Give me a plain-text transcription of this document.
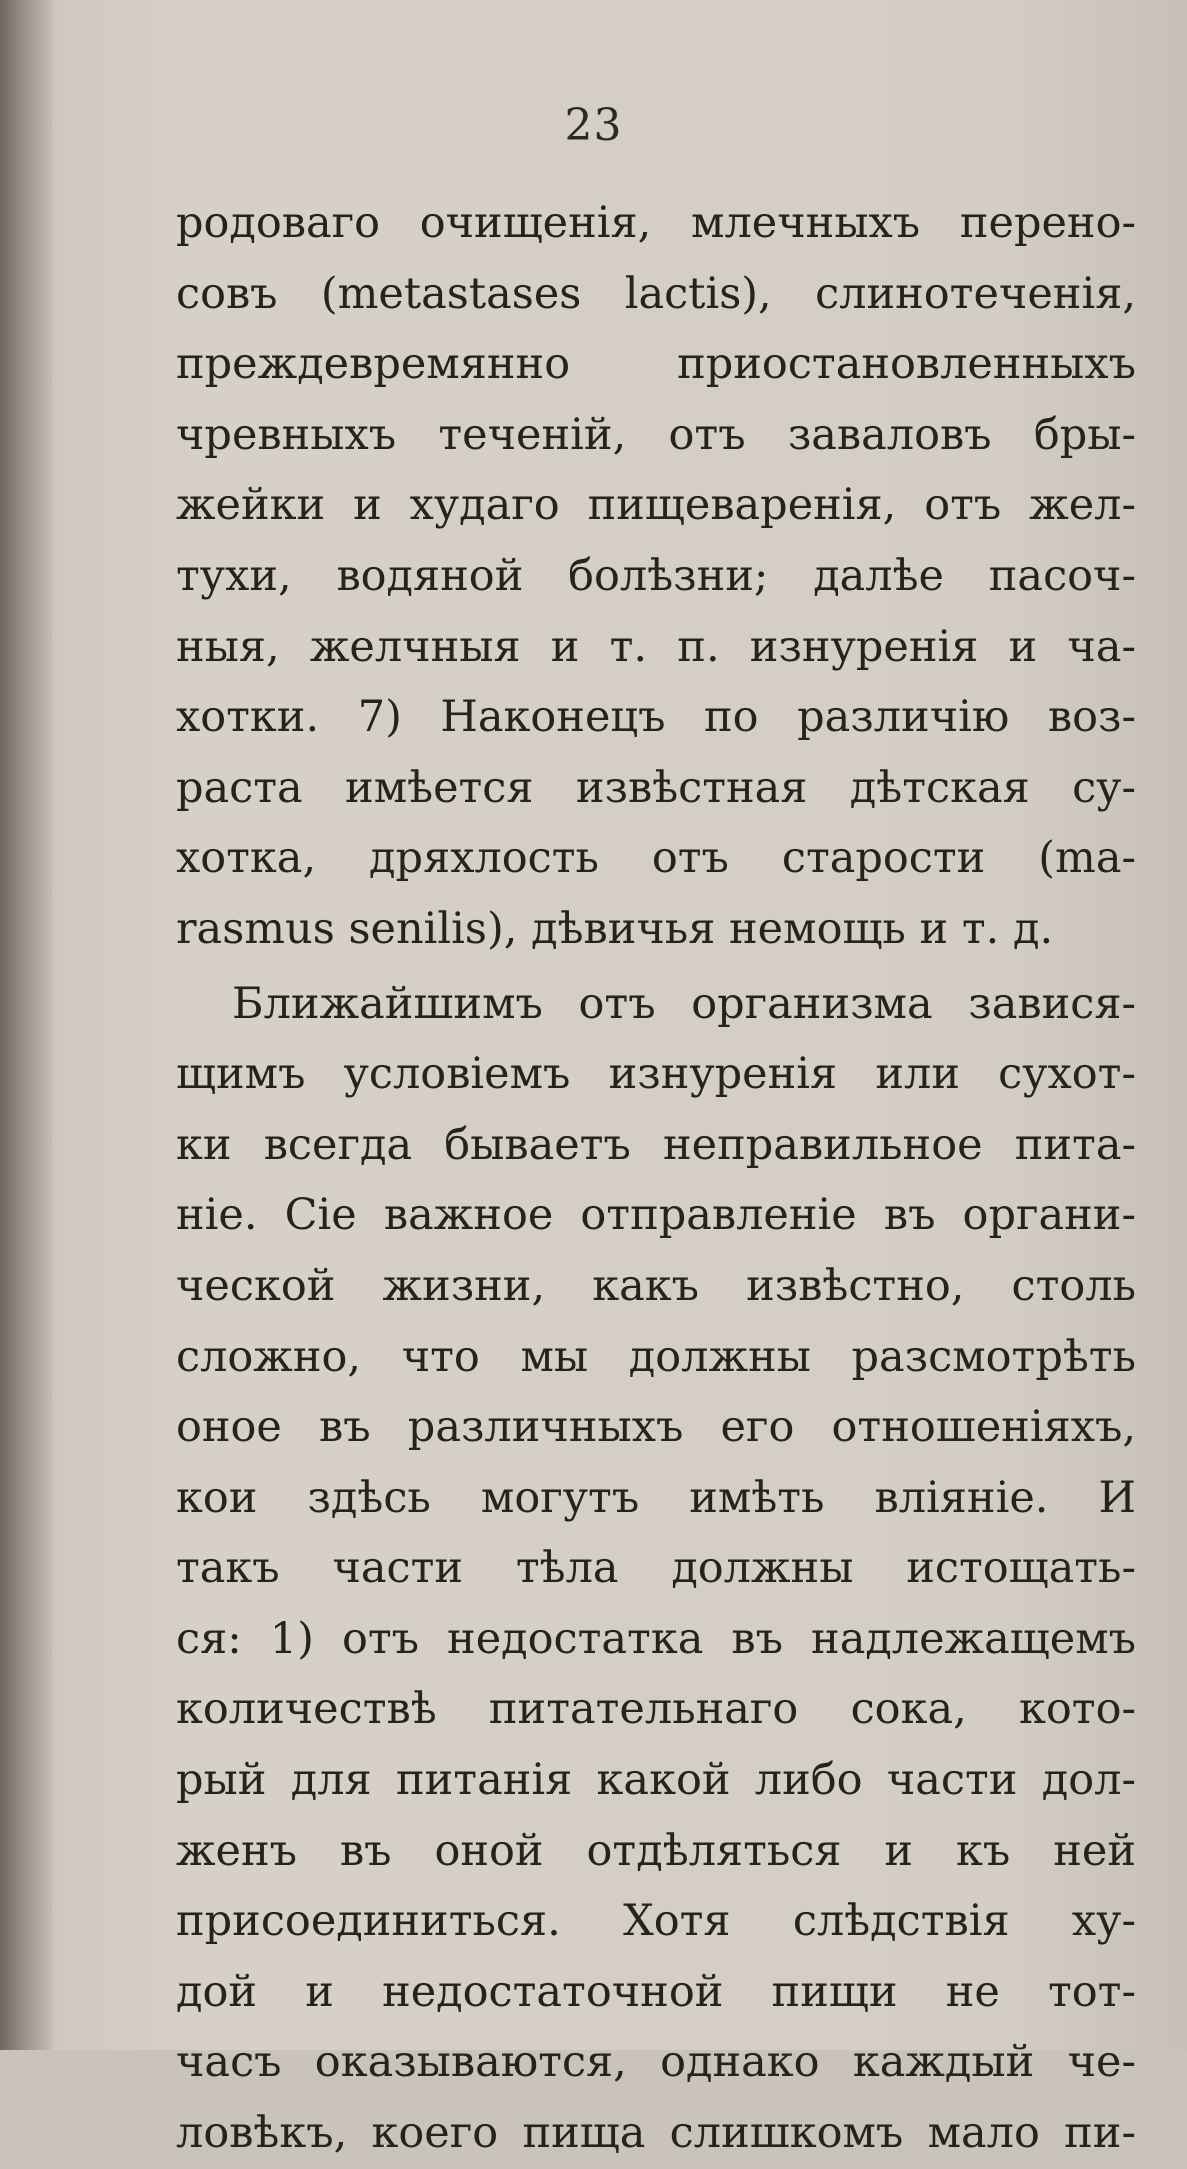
23
родоваго очищенія, млечныхъ перено-
совъ (metastases lactis), слинотеченія,
преждевремянно приостановленныхъ
чревныхъ теченій, отъ заваловъ бры-
жейки и худаго пищеваренія, отъ жел-
тухи, водяной болѣзни; далѣе пасоч-
ныя, желчныя и т. п. изнуренія и ча-
хотки. 7) Наконецъ по различію воз-
раста имѣется извѣстная дѣтская су-
хотка, дряхлость отъ старости (ma-
rasmus senilis), дѣвичья немощь и т. д.
Ближайшимъ отъ организма завися-
щимъ условіемъ изнуренія или сухот-
ки всегда бываетъ неправильное пита-
ніе. Сіе важное отправленіе въ органи-
ческой жизни, какъ извѣстно, столь
сложно, что мы должны разсмотрѣть
оное въ различныхъ его отношеніяхъ,
кои здѣсь могутъ имѣть вліяніе. И
такъ части тѣла должны истощать-
ся: 1) отъ недостатка въ надлежащемъ
количествѣ питательнаго сока, кото-
рый для питанія какой либо части дол-
женъ въ оной отдѣляться и къ ней
присоединиться. Хотя слѣдствія ху-
дой и недостаточной пищи не тот-
часъ оказываются, однако каждый че-
ловѣкъ, коего пища слишкомъ мало пи-
